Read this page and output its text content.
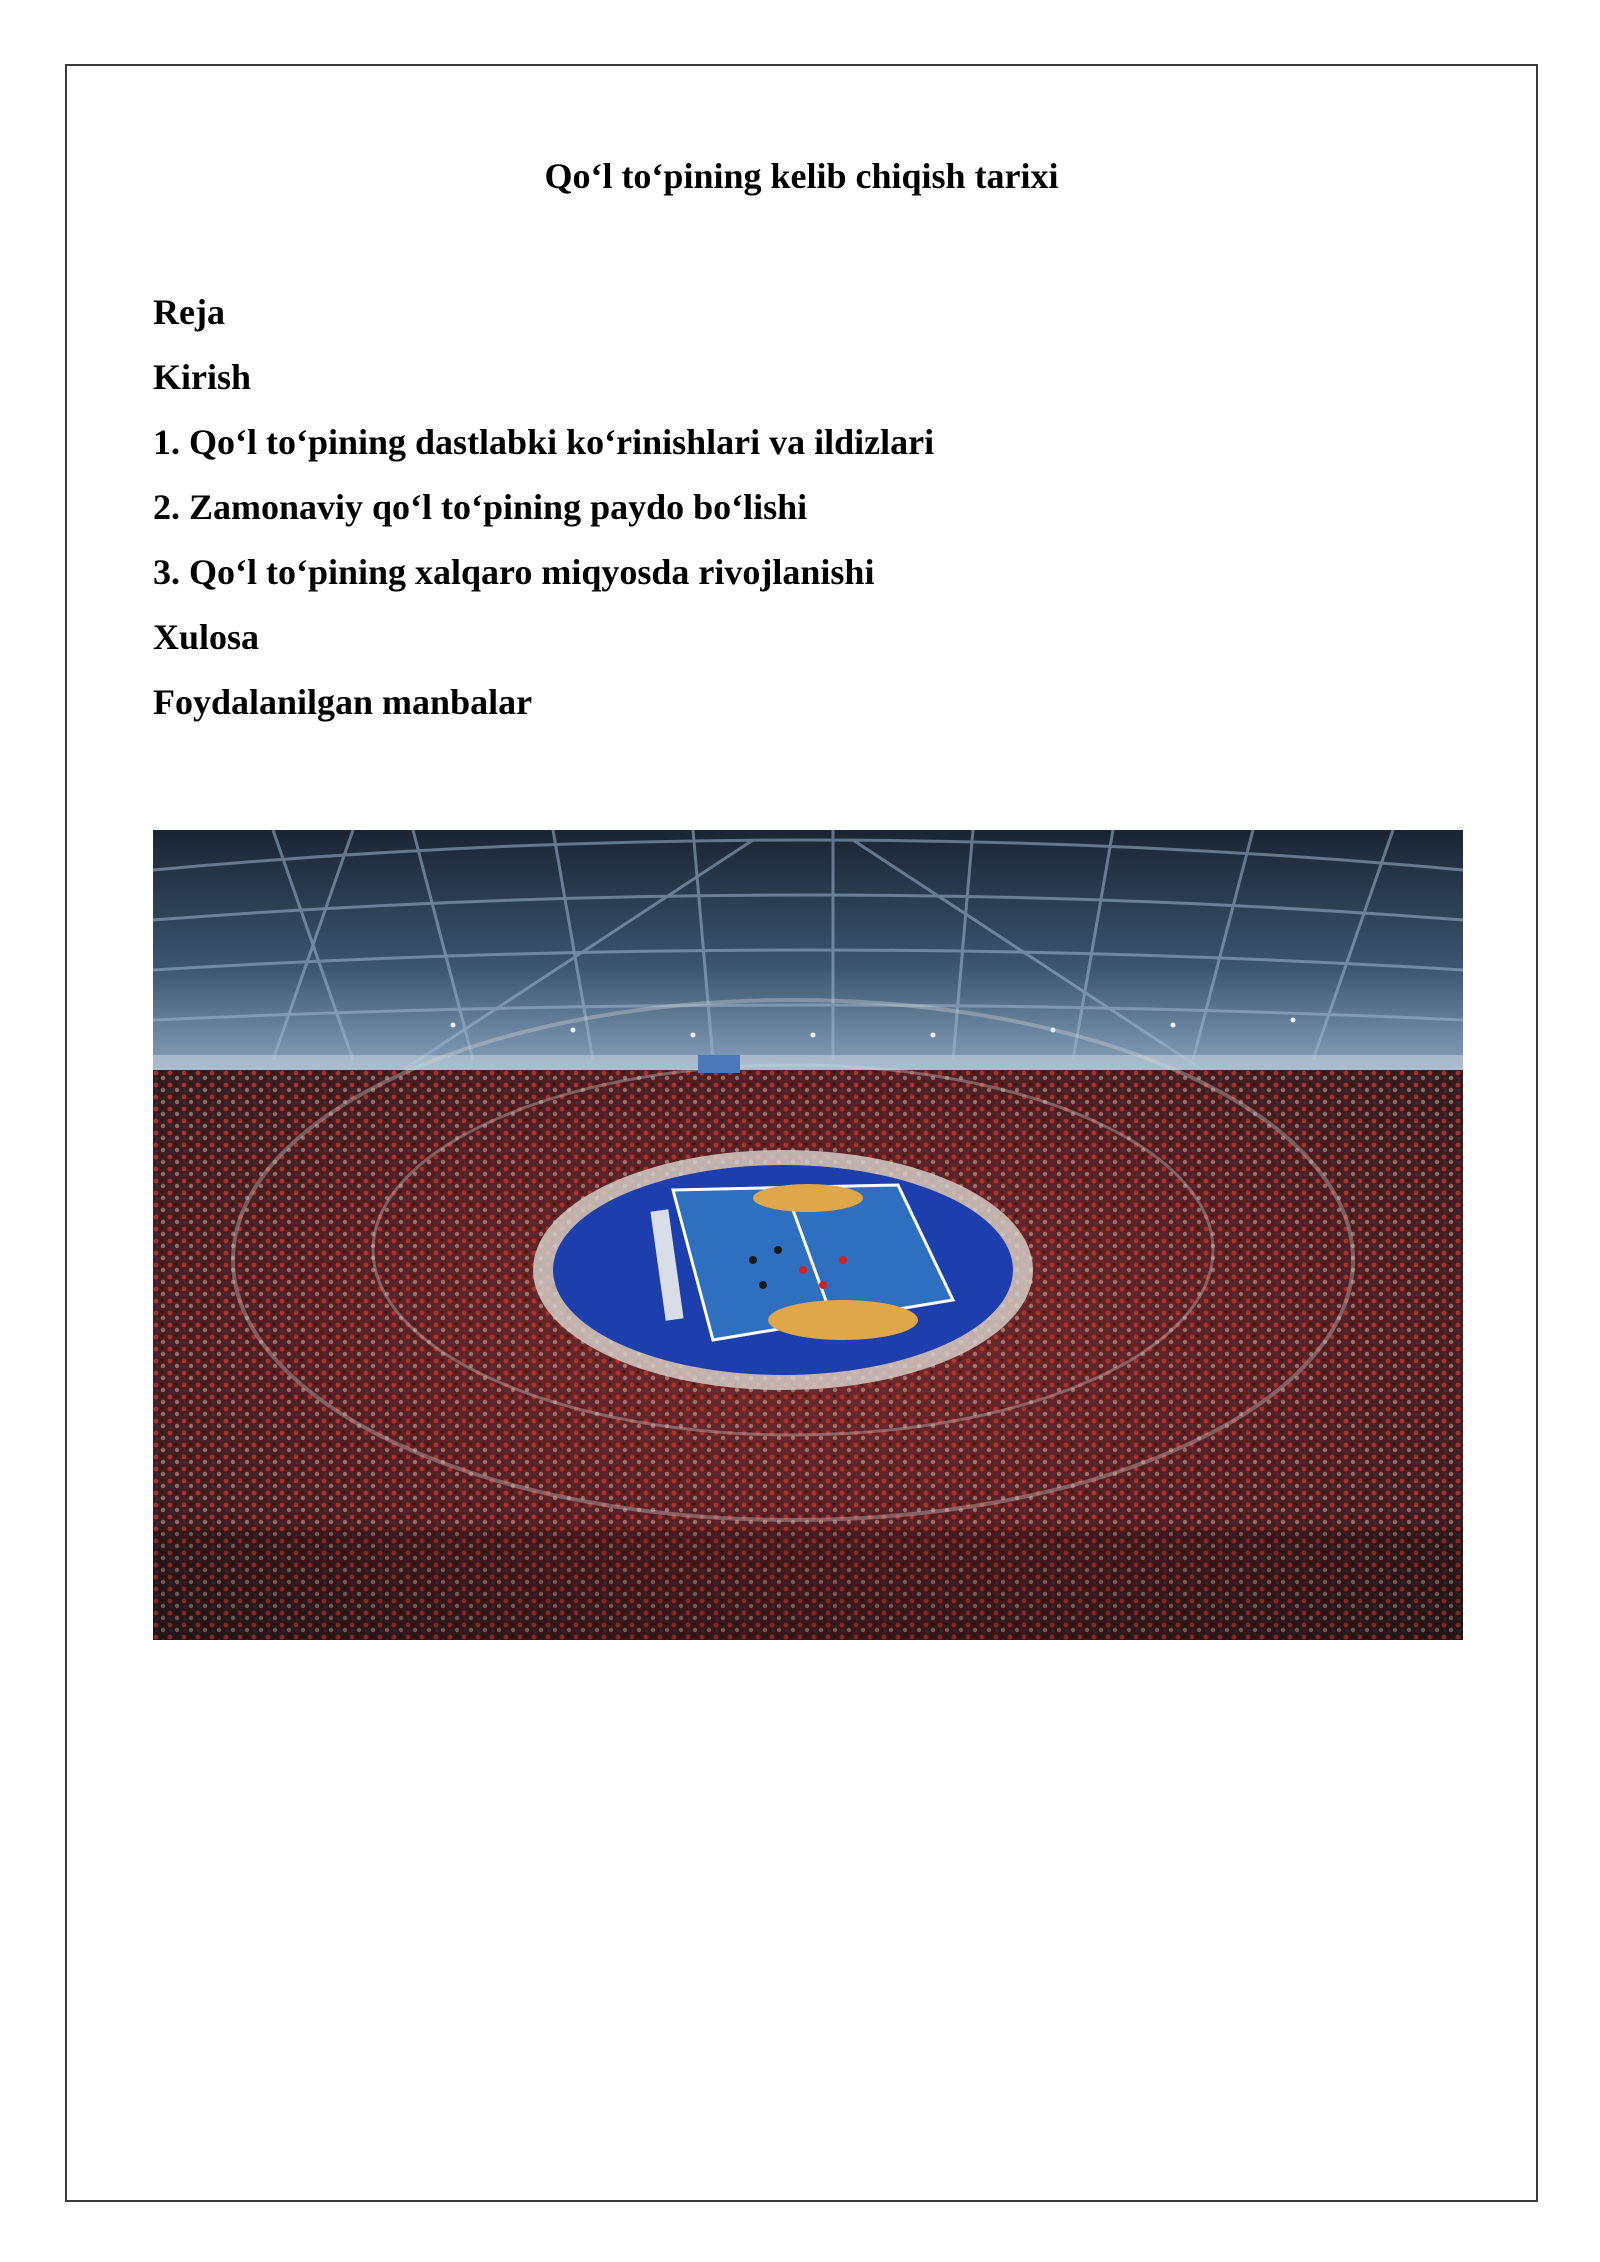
Qo‘l to‘pining kelib chiqish tarixi
Reja
Kirish
1. Qo‘l to‘pining dastlabki ko‘rinishlari va ildizlari
2. Zamonaviy qo‘l to‘pining paydo bo‘lishi
3. Qo‘l to‘pining xalqaro miqyosda rivojlanishi
Xulosa
Foydalanilgan manbalar
